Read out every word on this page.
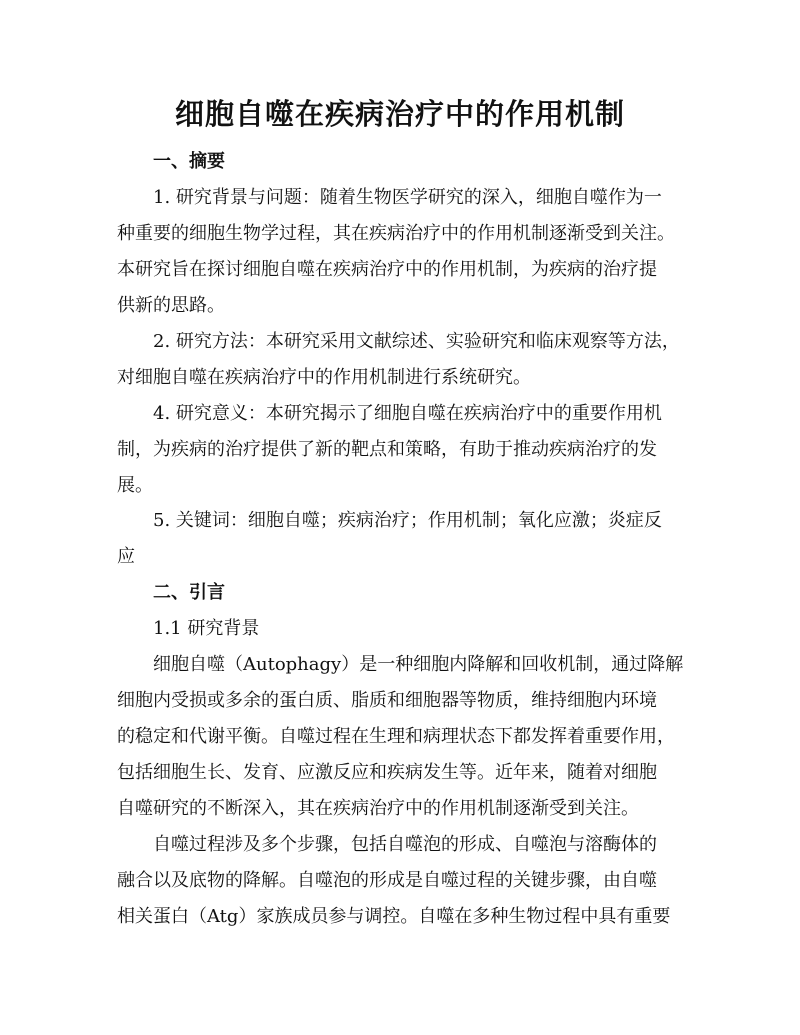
细胞自噬在疾病治疗中的作用机制

一、摘要

1. 研究背景与问题：随着生物医学研究的深入，细胞自噬作为一

种重要的细胞生物学过程，其在疾病治疗中的作用机制逐渐受到关注。

本研究旨在探讨细胞自噬在疾病治疗中的作用机制，为疾病的治疗提

供新的思路。

2. 研究方法：本研究采用文献综述、实验研究和临床观察等方法，

对细胞自噬在疾病治疗中的作用机制进行系统研究。

4. 研究意义：本研究揭示了细胞自噬在疾病治疗中的重要作用机

制，为疾病的治疗提供了新的靶点和策略，有助于推动疾病治疗的发

展。

5. 关键词：细胞自噬；疾病治疗；作用机制；氧化应激；炎症反

应

二、引言

1.1 研究背景

细胞自噬（Autophagy）是一种细胞内降解和回收机制，通过降解

细胞内受损或多余的蛋白质、脂质和细胞器等物质，维持细胞内环境

的稳定和代谢平衡。自噬过程在生理和病理状态下都发挥着重要作用，

包括细胞生长、发育、应激反应和疾病发生等。近年来，随着对细胞

自噬研究的不断深入，其在疾病治疗中的作用机制逐渐受到关注。

自噬过程涉及多个步骤，包括自噬泡的形成、自噬泡与溶酶体的

融合以及底物的降解。自噬泡的形成是自噬过程的关键步骤，由自噬

相关蛋白（Atg）家族成员参与调控。自噬在多种生物过程中具有重要
